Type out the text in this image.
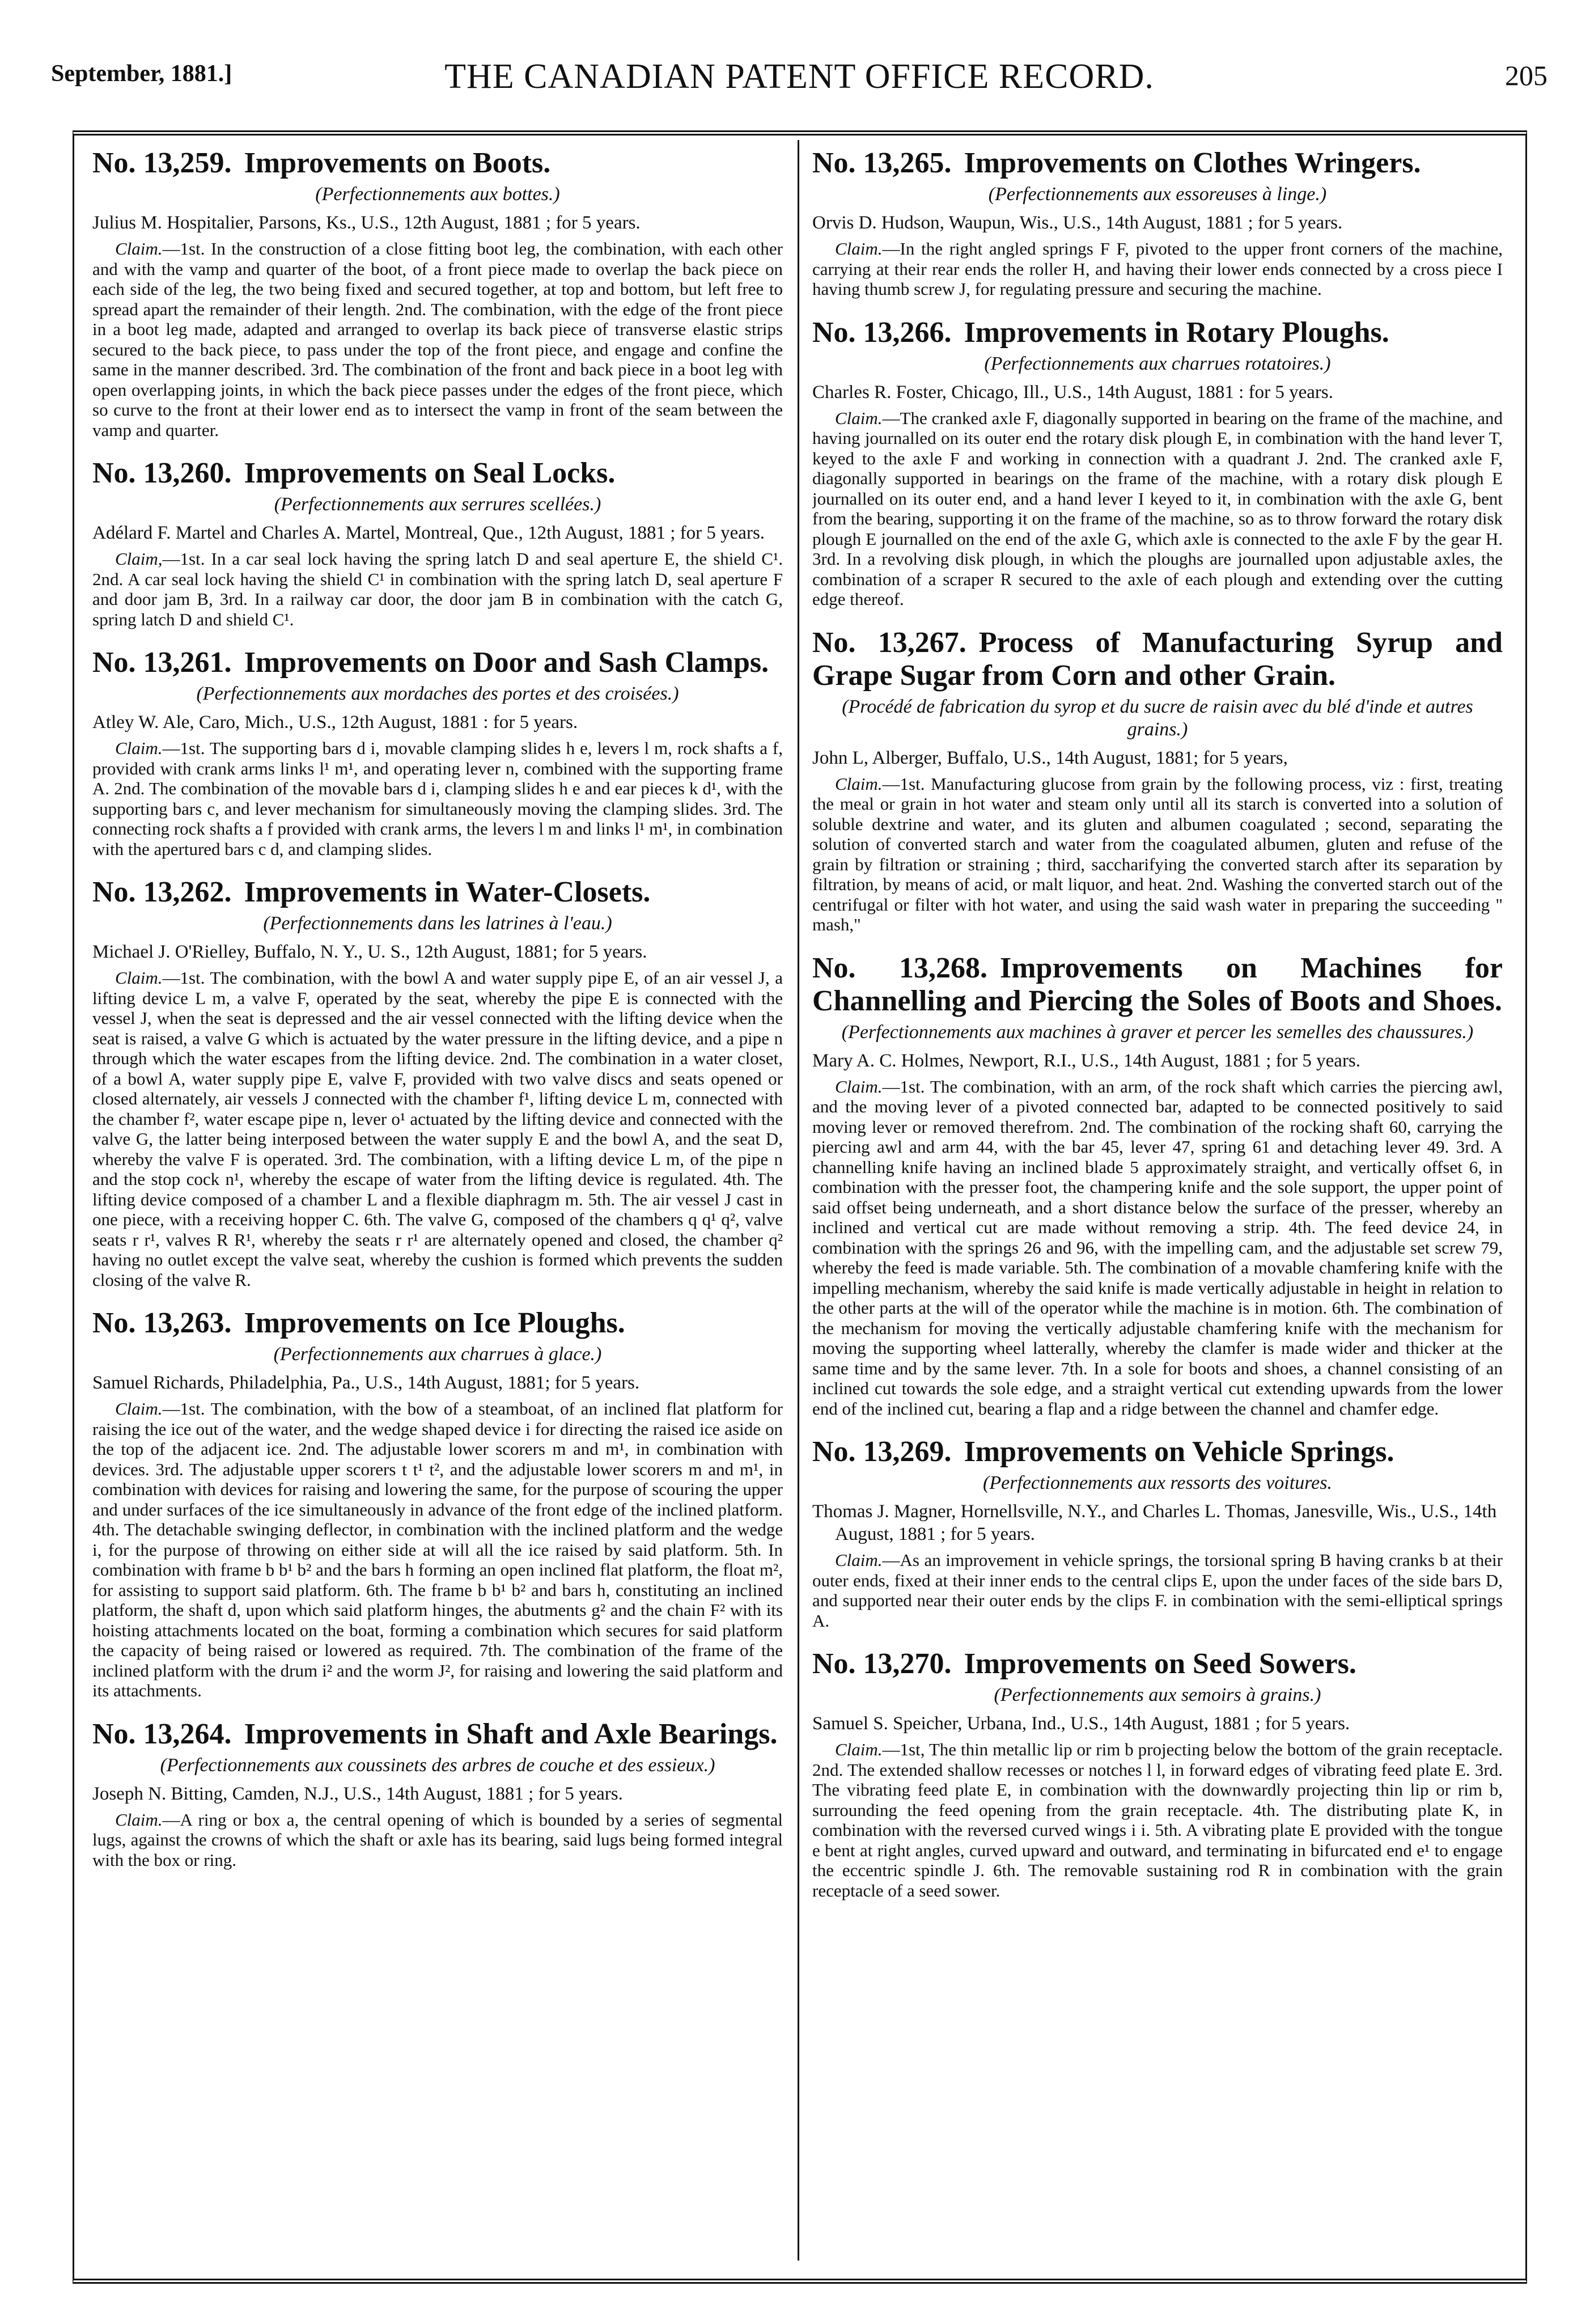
September, 1881.]	THE CANADIAN PATENT OFFICE RECORD.	205
No. 13,259. Improvements on Boots.
(Perfectionnements aux bottes.)
Julius M. Hospitalier, Parsons, Ks., U.S., 12th August, 1881 ; for 5 years.

Claim.—1st. In the construction of a close fitting boot leg, the combination, with each other and with the vamp and quarter of the boot, of a front piece made to overlap the back piece on each side of the leg, the two being fixed and secured together, at top and bottom, but left free to spread apart the remainder of their length. 2nd. The combination, with the edge of the front piece in a boot leg made, adapted and arranged to overlap its back piece of transverse elastic strips secured to the back piece, to pass under the top of the front piece, and engage and confine the same in the manner described. 3rd. The combination of the front and back piece in a boot leg with open overlapping joints, in which the back piece passes under the edges of the front piece, which so curve to the front at their lower end as to intersect the vamp in front of the seam between the vamp and quarter.

No. 13,260. Improvements on Seal Locks.
(Perfectionnements aux serrures scellées.)
Adélard F. Martel and Charles A. Martel, Montreal, Que., 12th August, 1881 ; for 5 years.

Claim,—1st. In a car seal lock having the spring latch D and seal aperture E, the shield C¹. 2nd. A car seal lock having the shield C¹ in combination with the spring latch D, seal aperture F and door jam B, 3rd. In a railway car door, the door jam B in combination with the catch G, spring latch D and shield C¹.

No. 13,261. Improvements on Door and Sash Clamps.
(Perfectionnements aux mordaches des portes et des croisées.)
Atley W. Ale, Caro, Mich., U.S., 12th August, 1881 : for 5 years.

Claim.—1st. The supporting bars d i, movable clamping slides h e, levers l m, rock shafts a f, provided with crank arms links l¹ m¹, and operating lever n, combined with the supporting frame A. 2nd. The combination of the movable bars d i, clamping slides h e and ear pieces k d¹, with the supporting bars c, and lever mechanism for simultaneously moving the clamping slides. 3rd. The connecting rock shafts a f provided with crank arms, the levers l m and links l¹ m¹, in combination with the apertured bars c d, and clamping slides.

No. 13,262. Improvements in Water-Closets.
(Perfectionnements dans les latrines à l'eau.)
Michael J. O'Rielley, Buffalo, N. Y., U. S., 12th August, 1881; for 5 years.

Claim.—1st. The combination, with the bowl A and water supply pipe E, of an air vessel J, a lifting device L m, a valve F, operated by the seat, whereby the pipe E is connected with the vessel J, when the seat is depressed and the air vessel connected with the lifting device when the seat is raised, a valve G which is actuated by the water pressure in the lifting device, and a pipe n through which the water escapes from the lifting device. 2nd. The combination in a water closet, of a bowl A, water supply pipe E, valve F, provided with two valve discs and seats opened or closed alternately, air vessels J connected with the chamber f¹, lifting device L m, connected with the chamber f², water escape pipe n, lever o¹ actuated by the lifting device and connected with the valve G, the latter being interposed between the water supply E and the bowl A, and the seat D, whereby the valve F is operated. 3rd. The combination, with a lifting device L m, of the pipe n and the stop cock n¹, whereby the escape of water from the lifting device is regulated. 4th. The lifting device composed of a chamber L and a flexible diaphragm m. 5th. The air vessel J cast in one piece, with a receiving hopper C. 6th. The valve G, composed of the chambers q q¹ q², valve seats r r¹, valves R R¹, whereby the seats r r¹ are alternately opened and closed, the chamber q² having no outlet except the valve seat, whereby the cushion is formed which prevents the sudden closing of the valve R.

No. 13,263. Improvements on Ice Ploughs.
(Perfectionnements aux charrues à glace.)
Samuel Richards, Philadelphia, Pa., U.S., 14th August, 1881; for 5 years.

Claim.—1st. The combination, with the bow of a steamboat, of an inclined flat platform for raising the ice out of the water, and the wedge shaped device i for directing the raised ice aside on the top of the adjacent ice. 2nd. The adjustable lower scorers m and m¹, in combination with devices. 3rd. The adjustable upper scorers t t¹ t², and the adjustable lower scorers m and m¹, in combination with devices for raising and lowering the same, for the purpose of scouring the upper and under surfaces of the ice simultaneously in advance of the front edge of the inclined platform. 4th. The detachable swinging deflector, in combination with the inclined platform and the wedge i, for the purpose of throwing on either side at will all the ice raised by said platform. 5th. In combination with frame b b¹ b² and the bars h forming an open inclined flat platform, the float m², for assisting to support said platform. 6th. The frame b b¹ b² and bars h, constituting an inclined platform, the shaft d, upon which said platform hinges, the abutments g² and the chain F² with its hoisting attachments located on the boat, forming a combination which secures for said platform the capacity of being raised or lowered as required. 7th. The combination of the frame of the inclined platform with the drum i² and the worm J², for raising and lowering the said platform and its attachments.

No. 13,264. Improvements in Shaft and Axle Bearings.
(Perfectionnements aux coussinets des arbres de couche et des essieux.)
Joseph N. Bitting, Camden, N.J., U.S., 14th August, 1881 ; for 5 years.

Claim.—A ring or box a, the central opening of which is bounded by a series of segmental lugs, against the crowns of which the shaft or axle has its bearing, said lugs being formed integral with the box or ring.

No. 13,265. Improvements on Clothes Wringers.
(Perfectionnements aux essoreuses à linge.)
Orvis D. Hudson, Waupun, Wis., U.S., 14th August, 1881 ; for 5 years.

Claim.—In the right angled springs F F, pivoted to the upper front corners of the machine, carrying at their rear ends the roller H, and having their lower ends connected by a cross piece I having thumb screw J, for regulating pressure and securing the machine.

No. 13,266. Improvements in Rotary Ploughs.
(Perfectionnements aux charrues rotatoires.)
Charles R. Foster, Chicago, Ill., U.S., 14th August, 1881 : for 5 years.

Claim.—The cranked axle F, diagonally supported in bearing on the frame of the machine, and having journalled on its outer end the rotary disk plough E, in combination with the hand lever T, keyed to the axle F and working in connection with a quadrant J. 2nd. The cranked axle F, diagonally supported in bearings on the frame of the machine, with a rotary disk plough E journalled on its outer end, and a hand lever I keyed to it, in combination with the axle G, bent from the bearing, supporting it on the frame of the machine, so as to throw forward the rotary disk plough E journalled on the end of the axle G, which axle is connected to the axle F by the gear H. 3rd. In a revolving disk plough, in which the ploughs are journalled upon adjustable axles, the combination of a scraper R secured to the axle of each plough and extending over the cutting edge thereof.

No. 13,267. Process of Manufacturing Syrup and Grape Sugar from Corn and other Grain.
(Procédé de fabrication du syrop et du sucre de raisin avec du blé d'inde et autres grains.)
John L, Alberger, Buffalo, U.S., 14th August, 1881; for 5 years,

Claim.—1st. Manufacturing glucose from grain by the following process, viz : first, treating the meal or grain in hot water and steam only until all its starch is converted into a solution of soluble dextrine and water, and its gluten and albumen coagulated ; second, separating the solution of converted starch and water from the coagulated albumen, gluten and refuse of the grain by filtration or straining ; third, saccharifying the converted starch after its separation by filtration, by means of acid, or malt liquor, and heat. 2nd. Washing the converted starch out of the centrifugal or filter with hot water, and using the said wash water in preparing the succeeding " mash,"

No. 13,268. Improvements on Machines for Channelling and Piercing the Soles of Boots and Shoes.
(Perfectionnements aux machines à graver et percer les semelles des chaussures.)
Mary A. C. Holmes, Newport, R.I., U.S., 14th August, 1881 ; for 5 years.

Claim.—1st. The combination, with an arm, of the rock shaft which carries the piercing awl, and the moving lever of a pivoted connected bar, adapted to be connected positively to said moving lever or removed therefrom. 2nd. The combination of the rocking shaft 60, carrying the piercing awl and arm 44, with the bar 45, lever 47, spring 61 and detaching lever 49. 3rd. A channelling knife having an inclined blade 5 approximately straight, and vertically offset 6, in combination with the presser foot, the champering knife and the sole support, the upper point of said offset being underneath, and a short distance below the surface of the presser, whereby an inclined and vertical cut are made without removing a strip. 4th. The feed device 24, in combination with the springs 26 and 96, with the impelling cam, and the adjustable set screw 79, whereby the feed is made variable. 5th. The combination of a movable chamfering knife with the impelling mechanism, whereby the said knife is made vertically adjustable in height in relation to the other parts at the will of the operator while the machine is in motion. 6th. The combination of the mechanism for moving the vertically adjustable chamfering knife with the mechanism for moving the supporting wheel latterally, whereby the clamfer is made wider and thicker at the same time and by the same lever. 7th. In a sole for boots and shoes, a channel consisting of an inclined cut towards the sole edge, and a straight vertical cut extending upwards from the lower end of the inclined cut, bearing a flap and a ridge between the channel and chamfer edge.

No. 13,269. Improvements on Vehicle Springs.
(Perfectionnements aux ressorts des voitures.
Thomas J. Magner, Hornellsville, N.Y., and Charles L. Thomas, Janesville, Wis., U.S., 14th August, 1881 ; for 5 years.

Claim.—As an improvement in vehicle springs, the torsional spring B having cranks b at their outer ends, fixed at their inner ends to the central clips E, upon the under faces of the side bars D, and supported near their outer ends by the clips F. in combination with the semi-elliptical springs A.

No. 13,270. Improvements on Seed Sowers.
(Perfectionnements aux semoirs à grains.)
Samuel S. Speicher, Urbana, Ind., U.S., 14th August, 1881 ; for 5 years.

Claim.—1st, The thin metallic lip or rim b projecting below the bottom of the grain receptacle. 2nd. The extended shallow recesses or notches l l, in forward edges of vibrating feed plate E. 3rd. The vibrating feed plate E, in combination with the downwardly projecting thin lip or rim b, surrounding the feed opening from the grain receptacle. 4th. The distributing plate K, in combination with the reversed curved wings i i. 5th. A vibrating plate E provided with the tongue e bent at right angles, curved upward and outward, and terminating in bifurcated end e¹ to engage the eccentric spindle J. 6th. The removable sustaining rod R in combination with the grain receptacle of a seed sower.
